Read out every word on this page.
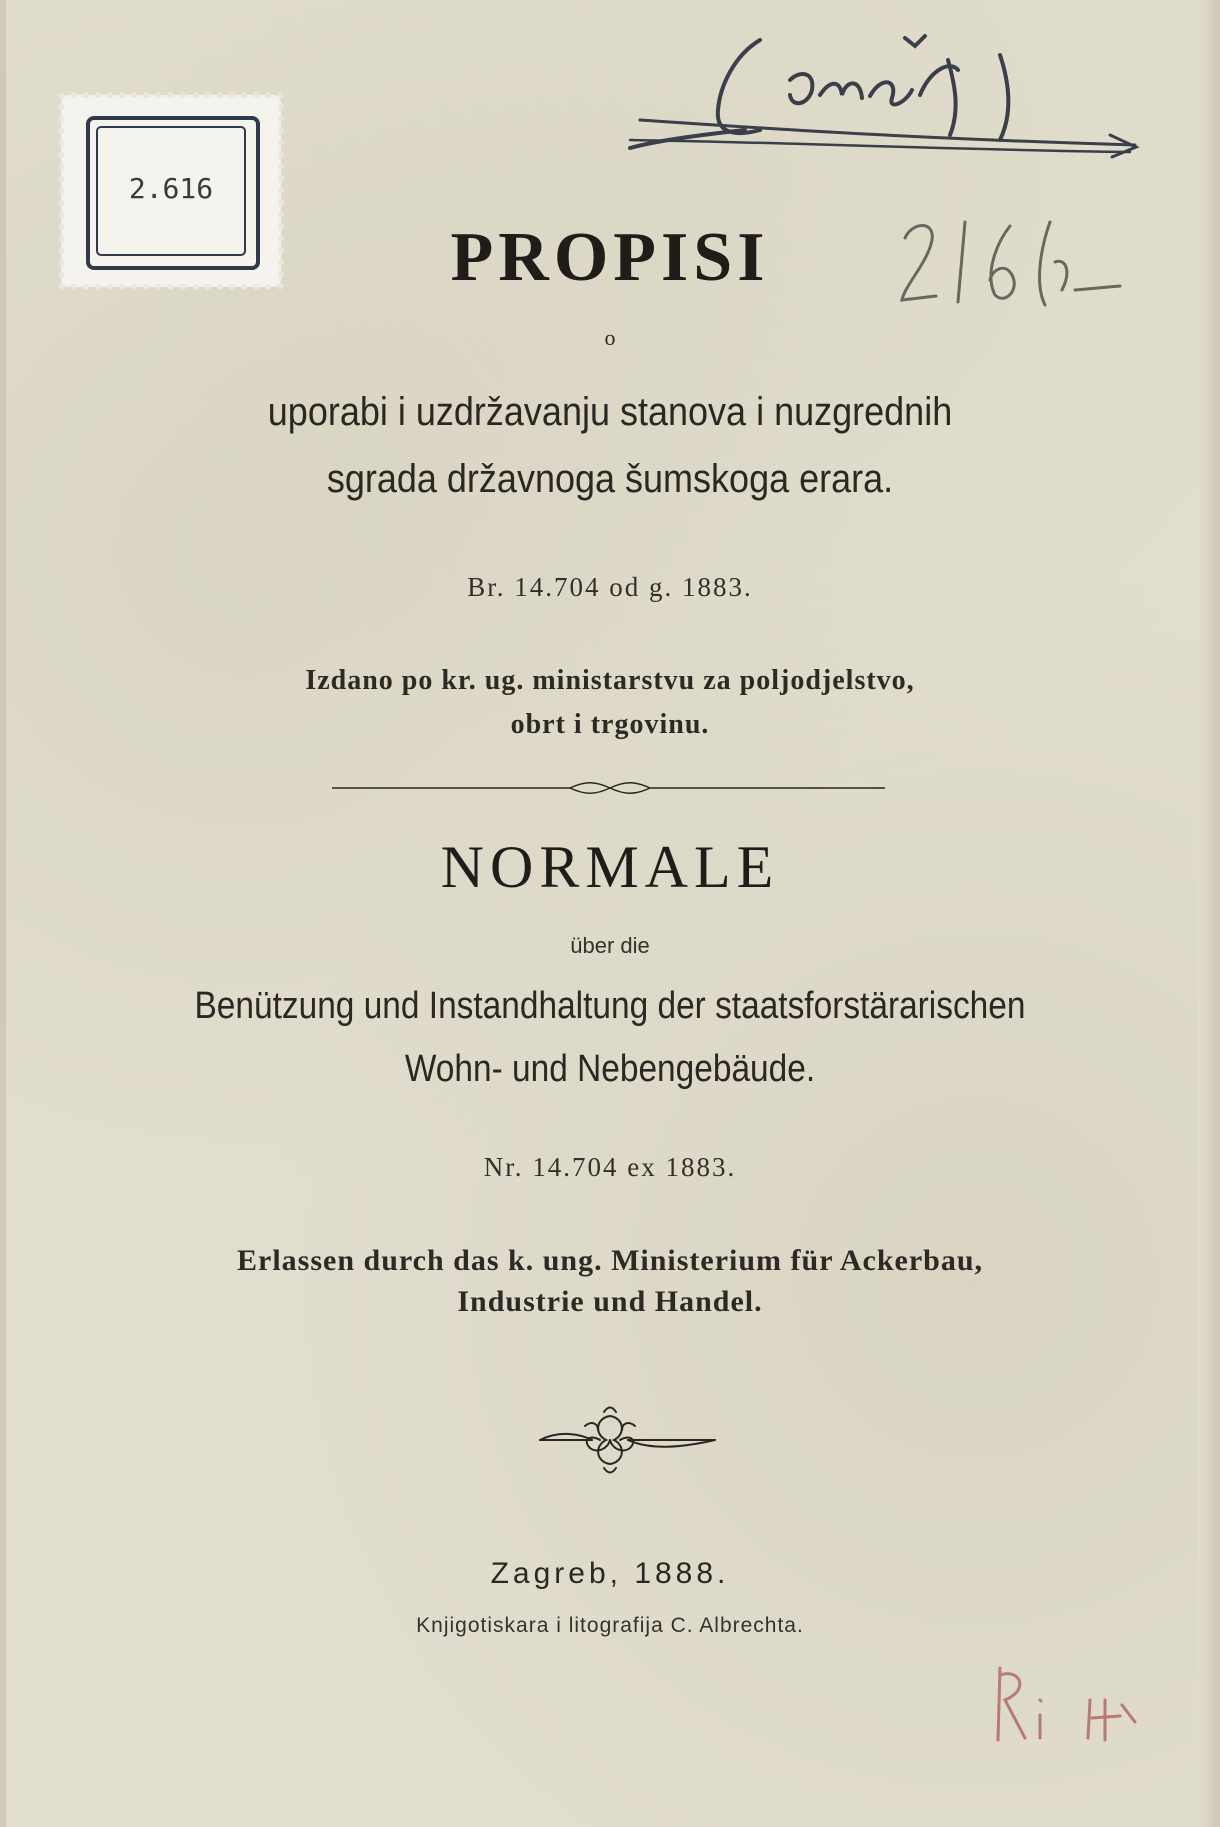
2.616
PROPISI
o
uporabi i uzdržavanju stanova i nuzgrednih
sgrada državnoga šumskoga erara.
Br. 14.704 od g. 1883.
Izdano po kr. ug. ministarstvu za poljodjelstvo,
obrt i trgovinu.
NORMALE
über die
Benützung und Instandhaltung der staatsforstärarischen
Wohn- und Nebengebäude.
Nr. 14.704 ex 1883.
Erlassen durch das k. ung. Ministerium für Ackerbau,
Industrie und Handel.
Zagreb, 1888.
Knjigotiskara i litografija C. Albrechta.
